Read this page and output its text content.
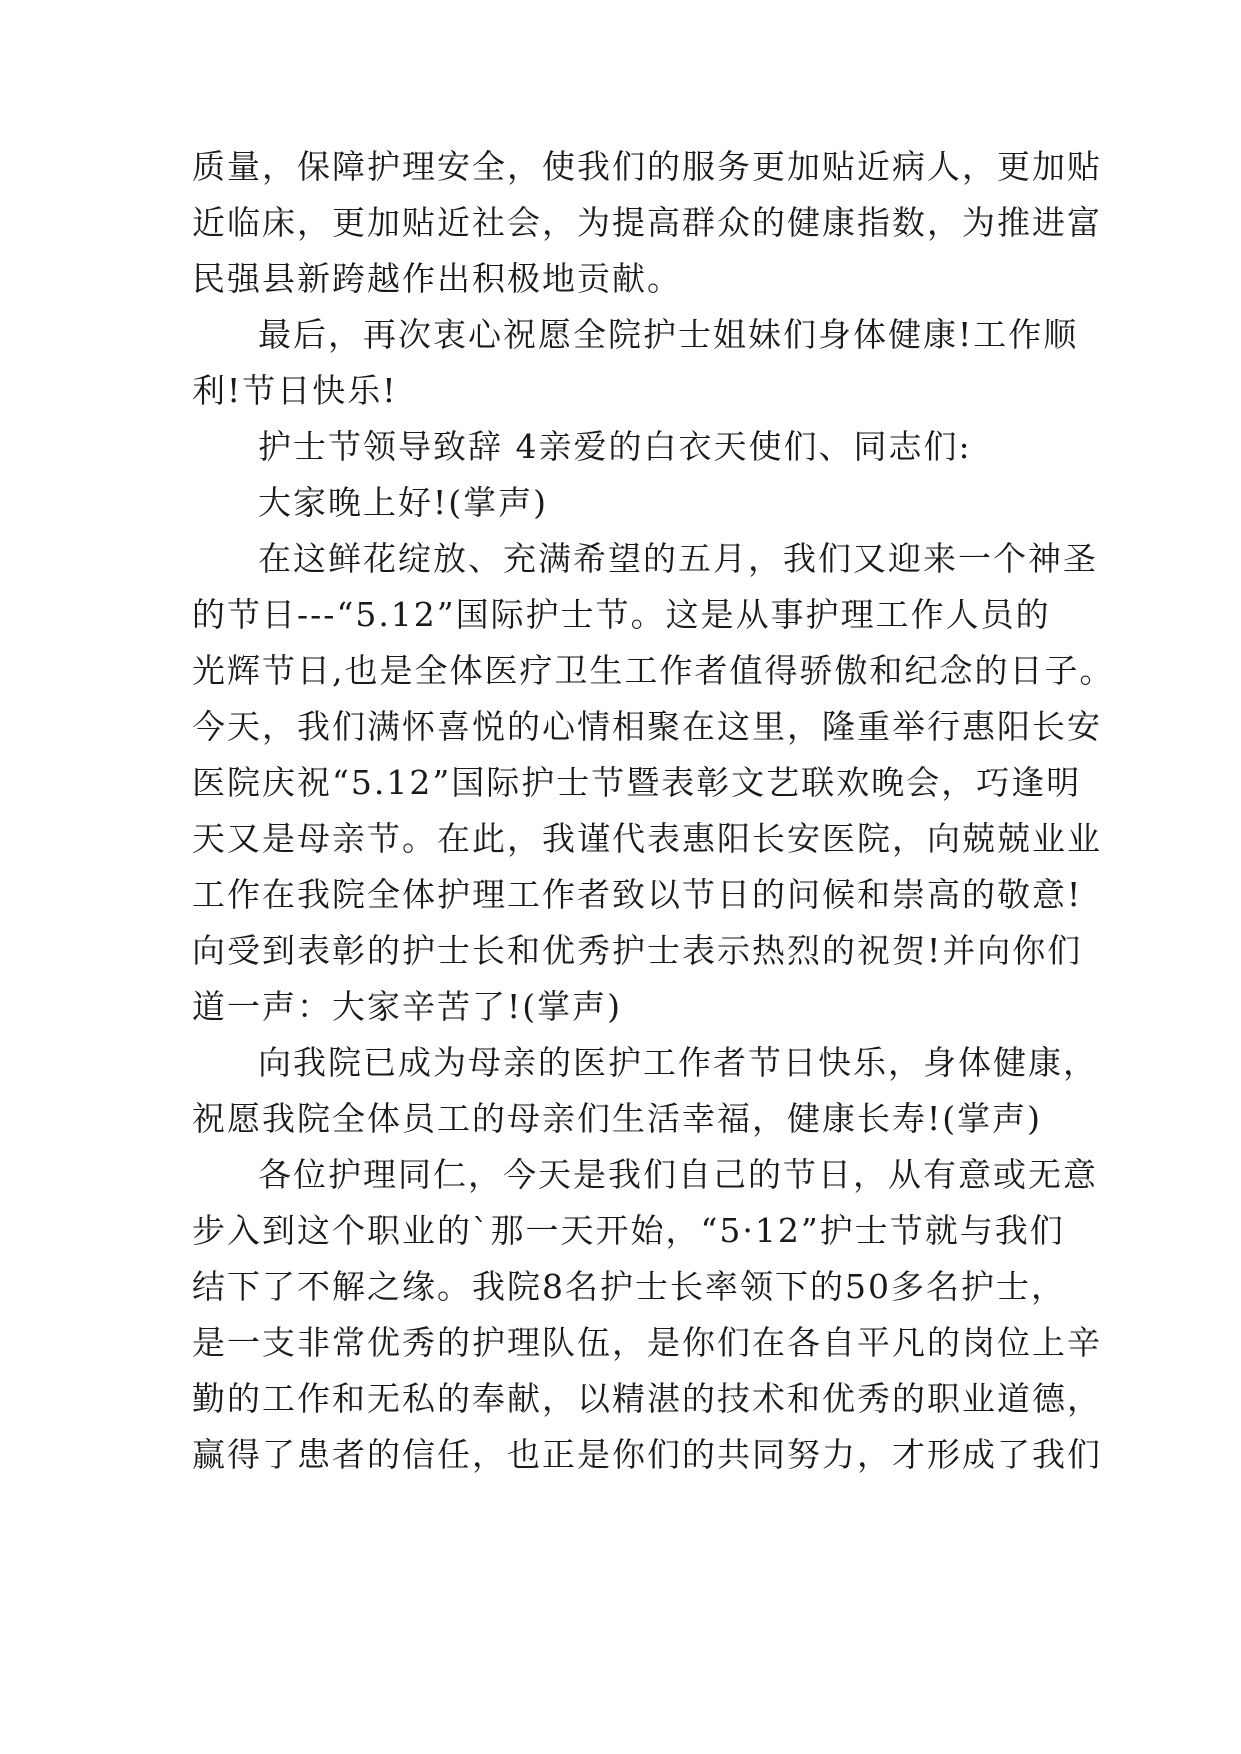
质量，保障护理安全，使我们的服务更加贴近病人，更加贴
近临床，更加贴近社会，为提高群众的健康指数，为推进富
民强县新跨越作出积极地贡献。
最后，再次衷心祝愿全院护士姐妹们身体健康!工作顺
利!节日快乐!
护士节领导致辞 4亲爱的白衣天使们、同志们:
大家晚上好!(掌声)
在这鲜花绽放、充满希望的五月，我们又迎来一个神圣
的节日---“5.12”国际护士节。这是从事护理工作人员的
光辉节日,也是全体医疗卫生工作者值得骄傲和纪念的日子。
今天，我们满怀喜悦的心情相聚在这里，隆重举行惠阳长安
医院庆祝“5.12”国际护士节暨表彰文艺联欢晚会，巧逢明
天又是母亲节。在此，我谨代表惠阳长安医院，向兢兢业业
工作在我院全体护理工作者致以节日的问候和崇高的敬意!
向受到表彰的护士长和优秀护士表示热烈的祝贺!并向你们
道一声：大家辛苦了!(掌声)
向我院已成为母亲的医护工作者节日快乐，身体健康，
祝愿我院全体员工的母亲们生活幸福，健康长寿!(掌声)
各位护理同仁，今天是我们自己的节日，从有意或无意
步入到这个职业的`那一天开始，“5·12”护士节就与我们
结下了不解之缘。我院8名护士长率领下的50多名护士，
是一支非常优秀的护理队伍，是你们在各自平凡的岗位上辛
勤的工作和无私的奉献，以精湛的技术和优秀的职业道德，
赢得了患者的信任，也正是你们的共同努力，才形成了我们
